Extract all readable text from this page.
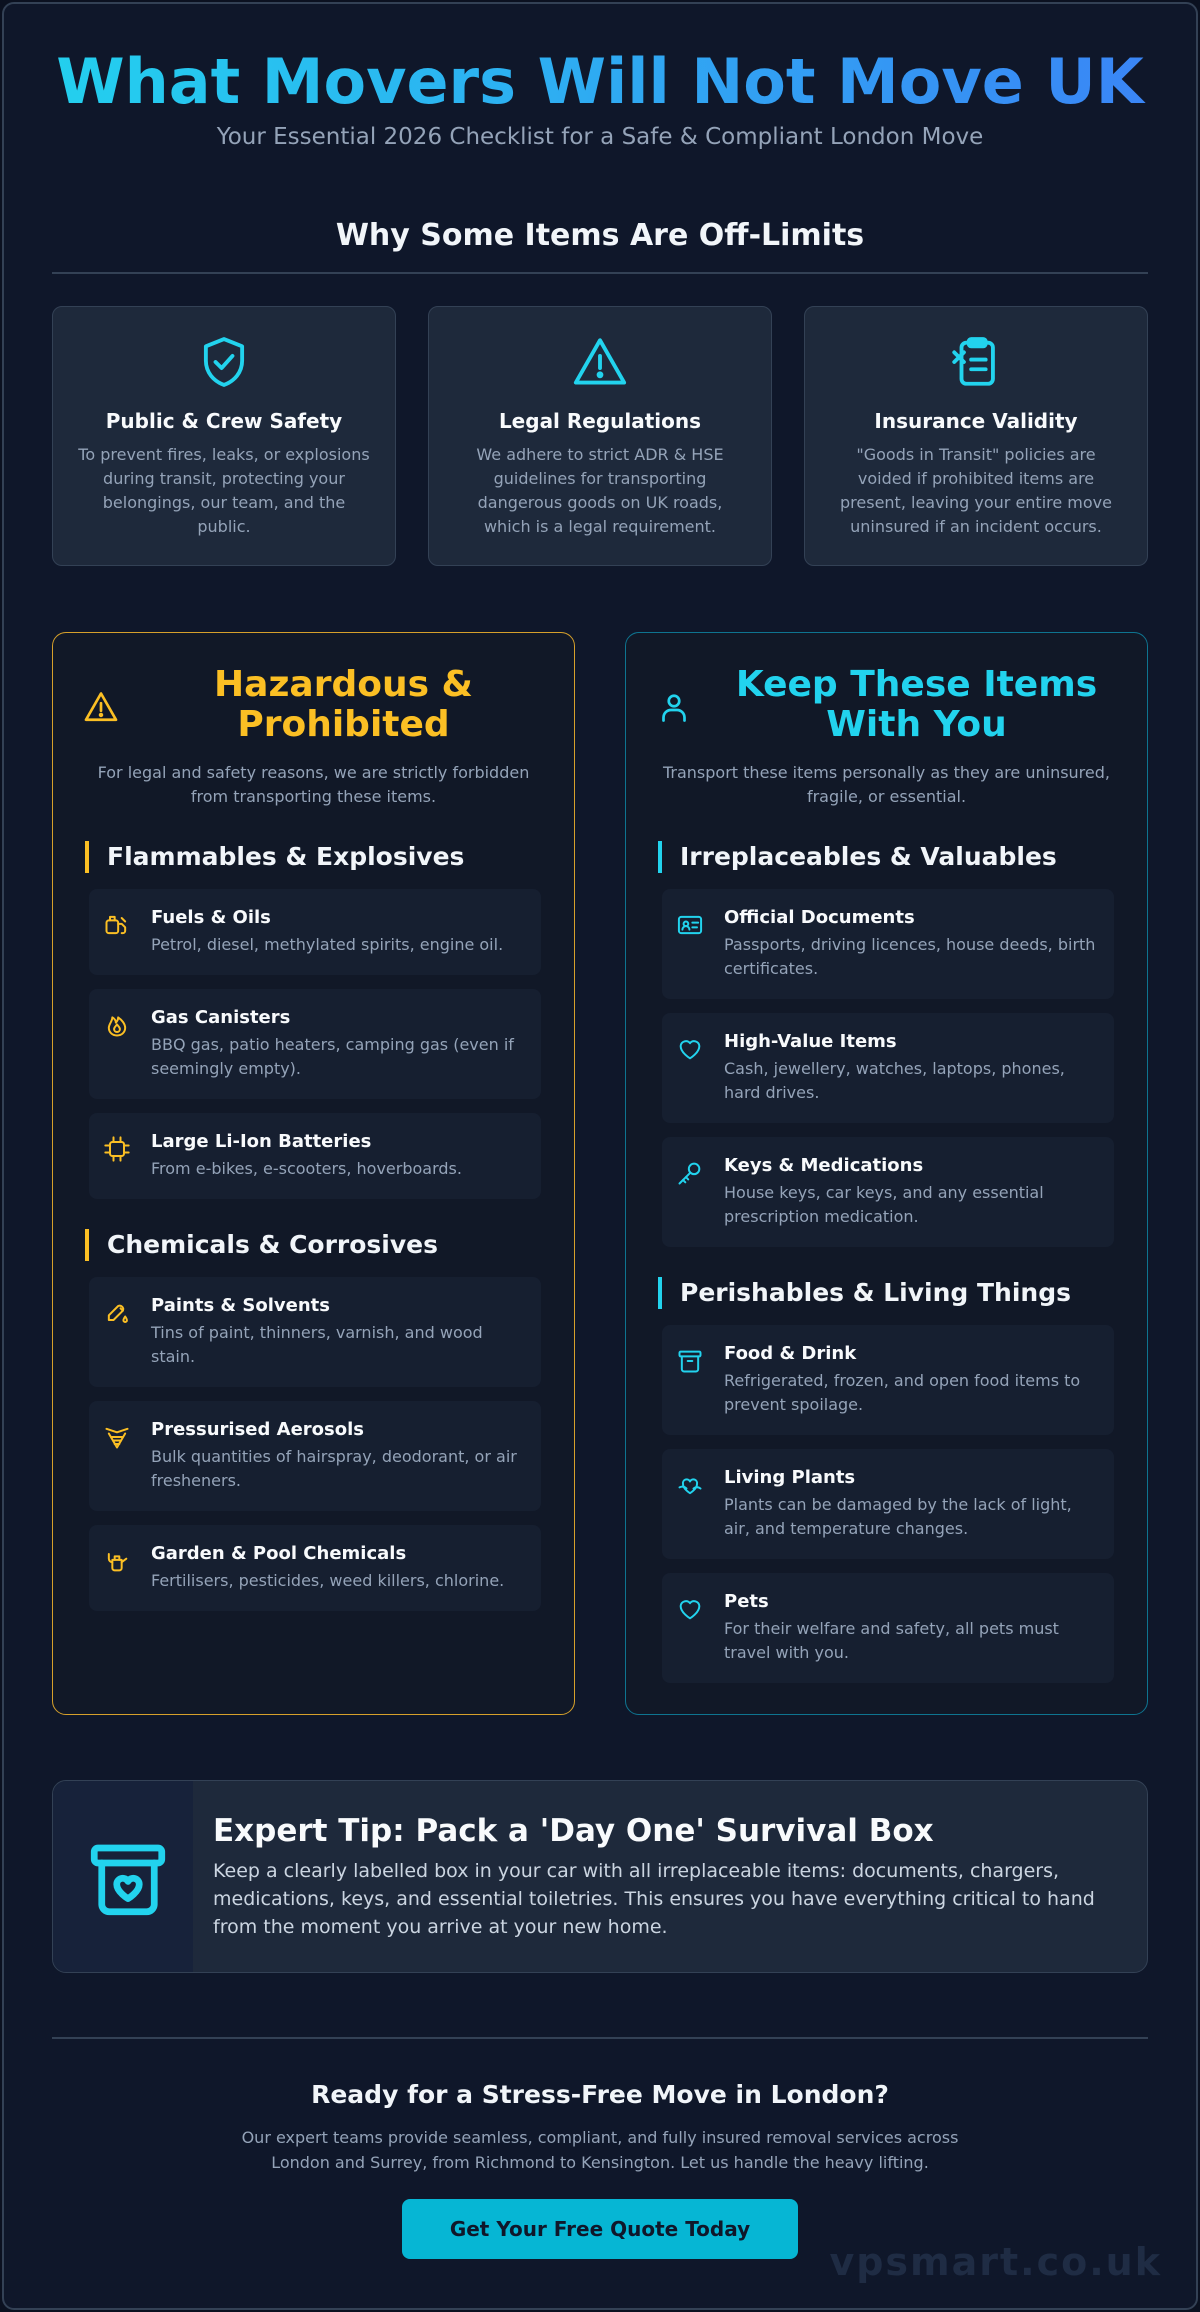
What Movers Will Not Move UK
Your Essential 2026 Checklist for a Safe & Compliant London Move
Why Some Items Are Off-Limits
Public & Crew Safety
To prevent fires, leaks, or explosions during transit, protecting your belongings, our team, and the public.
Legal Regulations
We adhere to strict ADR & HSE guidelines for transporting dangerous goods on UK roads, which is a legal requirement.
Insurance Validity
"Goods in Transit" policies are voided if prohibited items are present, leaving your entire move uninsured if an incident occurs.
Hazardous & Prohibited
For legal and safety reasons, we are strictly forbidden from transporting these items.
Flammables & Explosives
Fuels & Oils
Petrol, diesel, methylated spirits, engine oil.
Gas Canisters
BBQ gas, patio heaters, camping gas (even if seemingly empty).
Large Li-Ion Batteries
From e-bikes, e-scooters, hoverboards.
Chemicals & Corrosives
Paints & Solvents
Tins of paint, thinners, varnish, and wood stain.
Pressurised Aerosols
Bulk quantities of hairspray, deodorant, or air fresheners.
Garden & Pool Chemicals
Fertilisers, pesticides, weed killers, chlorine.
Keep These Items With You
Transport these items personally as they are uninsured, fragile, or essential.
Irreplaceables & Valuables
Official Documents
Passports, driving licences, house deeds, birth certificates.
High-Value Items
Cash, jewellery, watches, laptops, phones, hard drives.
Keys & Medications
House keys, car keys, and any essential prescription medication.
Perishables & Living Things
Food & Drink
Refrigerated, frozen, and open food items to prevent spoilage.
Living Plants
Plants can be damaged by the lack of light, air, and temperature changes.
Pets
For their welfare and safety, all pets must travel with you.
Expert Tip: Pack a 'Day One' Survival Box
Keep a clearly labelled box in your car with all irreplaceable items: documents, chargers, medications, keys, and essential toiletries. This ensures you have everything critical to hand from the moment you arrive at your new home.
Ready for a Stress-Free Move in London?

Our expert teams provide seamless, compliant, and fully insured removal services across London and Surrey, from Richmond to Kensington. Let us handle the heavy lifting.

Get Your Free Quote Today
vpsmart.co.uk
